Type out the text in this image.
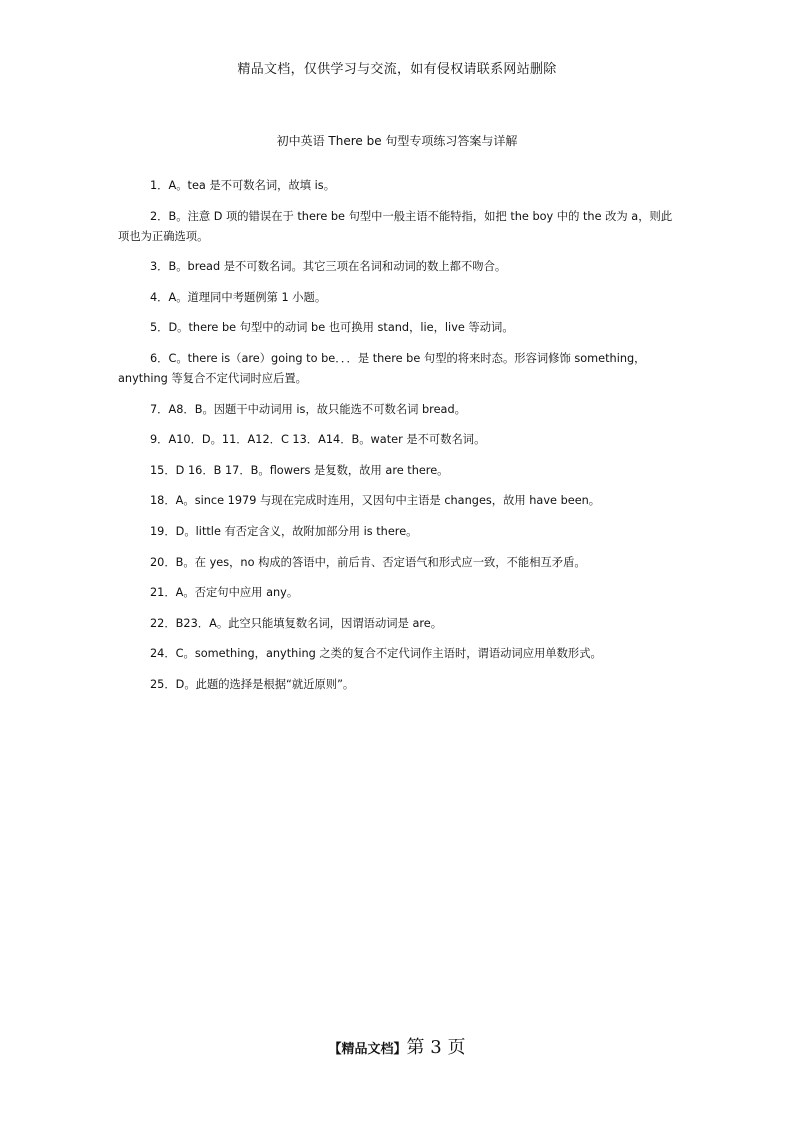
精品文档，仅供学习与交流，如有侵权请联系网站删除
初中英语 There be 句型专项练习答案与详解
1．A。tea 是不可数名词，故填 is。
2．B。注意 D 项的错误在于 there be 句型中一般主语不能特指，如把 the boy 中的 the 改为 a，则此项也为正确选项。
3．B。bread 是不可数名词。其它三项在名词和动词的数上都不吻合。
4．A。道理同中考题例第 1 小题。
5．D。there be 句型中的动词 be 也可换用 stand，lie，live 等动词。
6．C。there is（are）going to be．．．是 there be 句型的将来时态。形容词修饰 something，anything 等复合不定代词时应后置。
7．A8．B。因题干中动词用 is，故只能选不可数名词 bread。
9．A10．D。11．A12．C 13．A14．B。water 是不可数名词。
15．D 16．B 17．B。flowers 是复数，故用 are there。
18．A。since 1979 与现在完成时连用，又因句中主语是 changes，故用 have been。
19．D。little 有否定含义，故附加部分用 is there。
20．B。在 yes，no 构成的答语中，前后肯、否定语气和形式应一致，不能相互矛盾。
21．A。否定句中应用 any。
22．B23．A。此空只能填复数名词，因谓语动词是 are。
24．C。something，anything 之类的复合不定代词作主语时，谓语动词应用单数形式。
25．D。此题的选择是根据“就近原则”。
【精品文档】第 3 页
